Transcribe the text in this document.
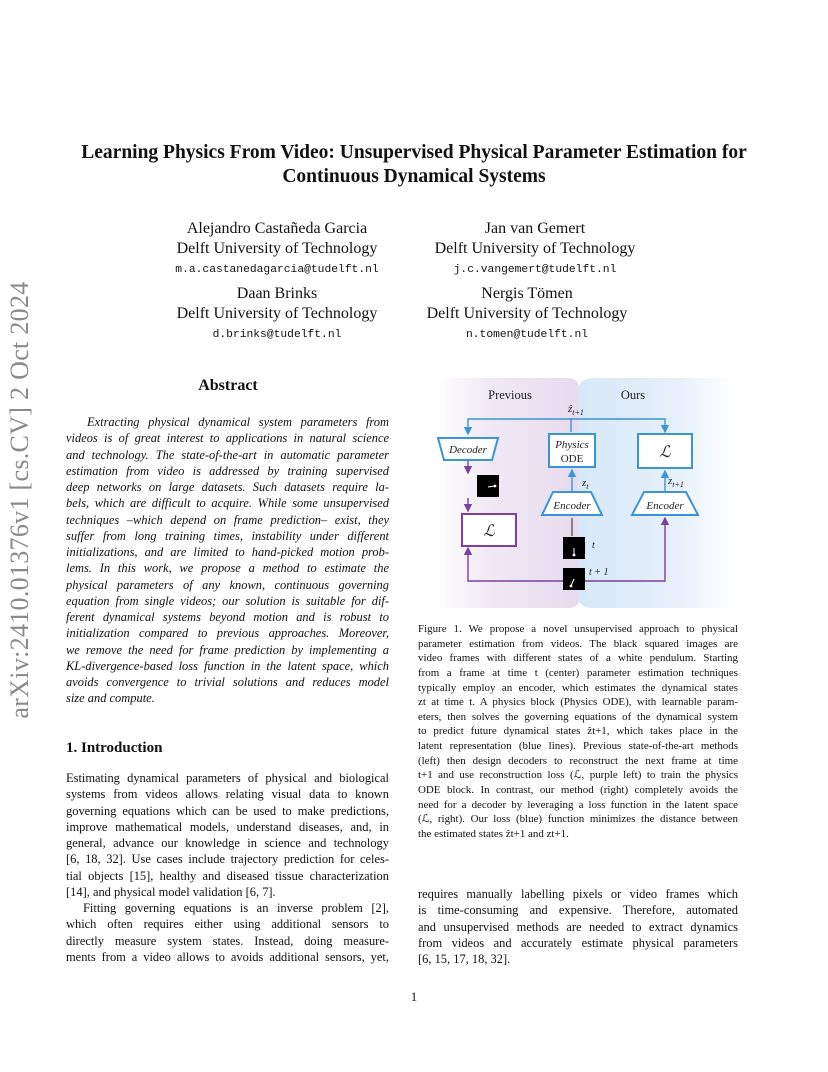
arXiv:2410.01376v1 [cs.CV] 2 Oct 2024
Learning Physics From Video: Unsupervised Physical Parameter Estimation for
Continuous Dynamical Systems
Alejandro Castañeda Garcia
Delft University of Technology
m.a.castanedagarcia@tudelft.nl
Jan van Gemert
Delft University of Technology
j.c.vangemert@tudelft.nl
Daan Brinks
Delft University of Technology
d.brinks@tudelft.nl
Nergis Tömen
Delft University of Technology
n.tomen@tudelft.nl
Abstract
Extracting physical dynamical system parameters from
videos is of great interest to applications in natural science
and technology. The state-of-the-art in automatic parameter
estimation from video is addressed by training supervised
deep networks on large datasets. Such datasets require la-
bels, which are difficult to acquire. While some unsupervised
techniques –which depend on frame prediction– exist, they
suffer from long training times, instability under different
initializations, and are limited to hand-picked motion prob-
lems. In this work, we propose a method to estimate the
physical parameters of any known, continuous governing
equation from single videos; our solution is suitable for dif-
ferent dynamical systems beyond motion and is robust to
initialization compared to previous approaches. Moreover,
we remove the need for frame prediction by implementing a
KL-divergence-based loss function in the latent space, which
avoids convergence to trivial solutions and reduces model
size and compute.
1. Introduction
Estimating dynamical parameters of physical and biological
systems from videos allows relating visual data to known
governing equations which can be used to make predictions,
improve mathematical models, understand diseases, and, in
general, advance our knowledge in science and technology
[6, 18, 32]. Use cases include trajectory prediction for celes-
tial objects [15], healthy and diseased tissue characterization
[14], and physical model validation [6, 7].
Fitting governing equations is an inverse problem [2],
which often requires either using additional sensors to
directly measure system states. Instead, doing measure-
ments from a video allows to avoids additional sensors, yet,
Previous	Ours
ẑ$_{t+1}$
Decoder	Physics
ODE	ℒ
ℒ
$z_t$
Encoder
$z_{t+1}$
Encoder
t
t + 1
Figure 1. We propose a novel unsupervised approach to physical
parameter estimation from videos. The black squared images are
video frames with different states of a white pendulum. Starting
from a frame at time t (center) parameter estimation techniques
typically employ an encoder, which estimates the dynamical states
zt at time t. A physics block (Physics ODE), with learnable param-
eters, then solves the governing equations of the dynamical system
to predict future dynamical states ẑt+1, which takes place in the
latent representation (blue lines). Previous state-of-the-art methods
(left) then design decoders to reconstruct the next frame at time
t+1 and use reconstruction loss (ℒ, purple left) to train the physics
ODE block. In contrast, our method (right) completely avoids the
need for a decoder by leveraging a loss function in the latent space
(ℒ, right). Our loss (blue) function minimizes the distance between
the estimated states ẑt+1 and zt+1.
requires manually labelling pixels or video frames which
is time-consuming and expensive. Therefore, automated
and unsupervised methods are needed to extract dynamics
from videos and accurately estimate physical parameters
[6, 15, 17, 18, 32].
1
